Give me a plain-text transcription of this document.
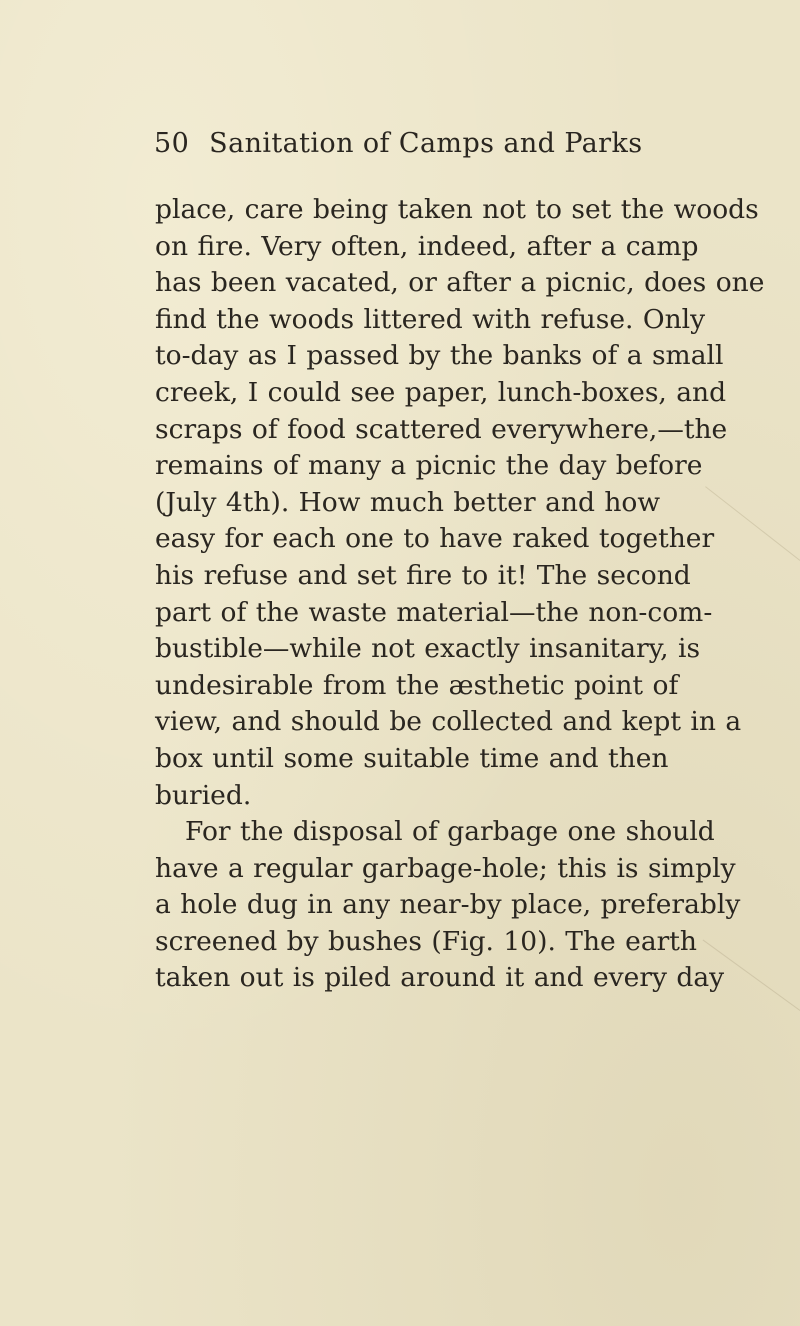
50 Sanitation of Camps and Parks
place, care being taken not to set the woods
on fire. Very often, indeed, after a camp
has been vacated, or after a picnic, does one
find the woods littered with refuse. Only
to-day as I passed by the banks of a small
creek, I could see paper, lunch-boxes, and
scraps of food scattered everywhere,—the
remains of many a picnic the day before
(July 4th). How much better and how
easy for each one to have raked together
his refuse and set fire to it! The second
part of the waste material—the non-com-
bustible—while not exactly insanitary, is
undesirable from the æsthetic point of
view, and should be collected and kept in a
box until some suitable time and then
buried.
For the disposal of garbage one should
have a regular garbage-hole; this is simply
a hole dug in any near-by place, preferably
screened by bushes (Fig. 10). The earth
taken out is piled around it and every day
